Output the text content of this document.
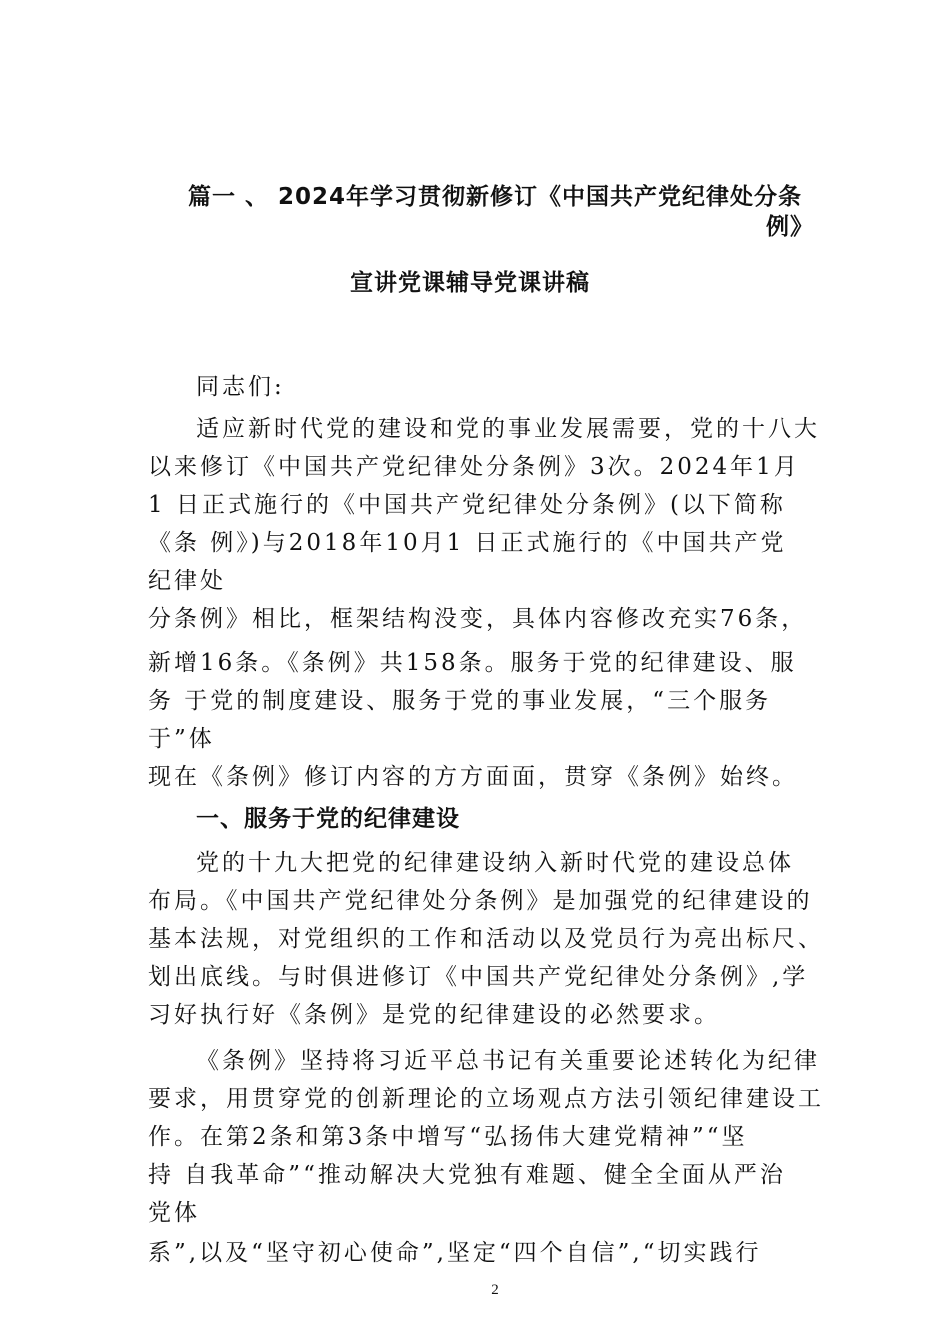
篇一 、 2024年学习贯彻新修订《中国共产党纪律处分条
例》
宣讲党课辅导党课讲稿
同志们:
适应新时代党的建设和党的事业发展需要，党的十八大
以来修订《中国共产党纪律处分条例》3次。2024年1月
1 日正式施行的《中国共产党纪律处分条例》(以下简称
《条 例》)与2018年10月1 日正式施行的《中国共产党
纪律处
分条例》相比，框架结构没变，具体内容修改充实76条，
新增16条。《条例》共158条。服务于党的纪律建设、服
务 于党的制度建设、服务于党的事业发展，“三个服务
于”体
现在《条例》修订内容的方方面面，贯穿《条例》始终。
一、服务于党的纪律建设
党的十九大把党的纪律建设纳入新时代党的建设总体
布局。《中国共产党纪律处分条例》是加强党的纪律建设的
基本法规，对党组织的工作和活动以及党员行为亮出标尺、
划出底线。与时俱进修订《中国共产党纪律处分条例》,学
习好执行好《条例》是党的纪律建设的必然要求。
《条例》坚持将习近平总书记有关重要论述转化为纪律
要求，用贯穿党的创新理论的立场观点方法引领纪律建设工
作。在第2条和第3条中增写“弘扬伟大建党精神”“坚
持 自我革命”“推动解决大党独有难题、健全全面从严治
党体
系”,以及“坚守初心使命”,坚定“四个自信”,“切实践行
2
